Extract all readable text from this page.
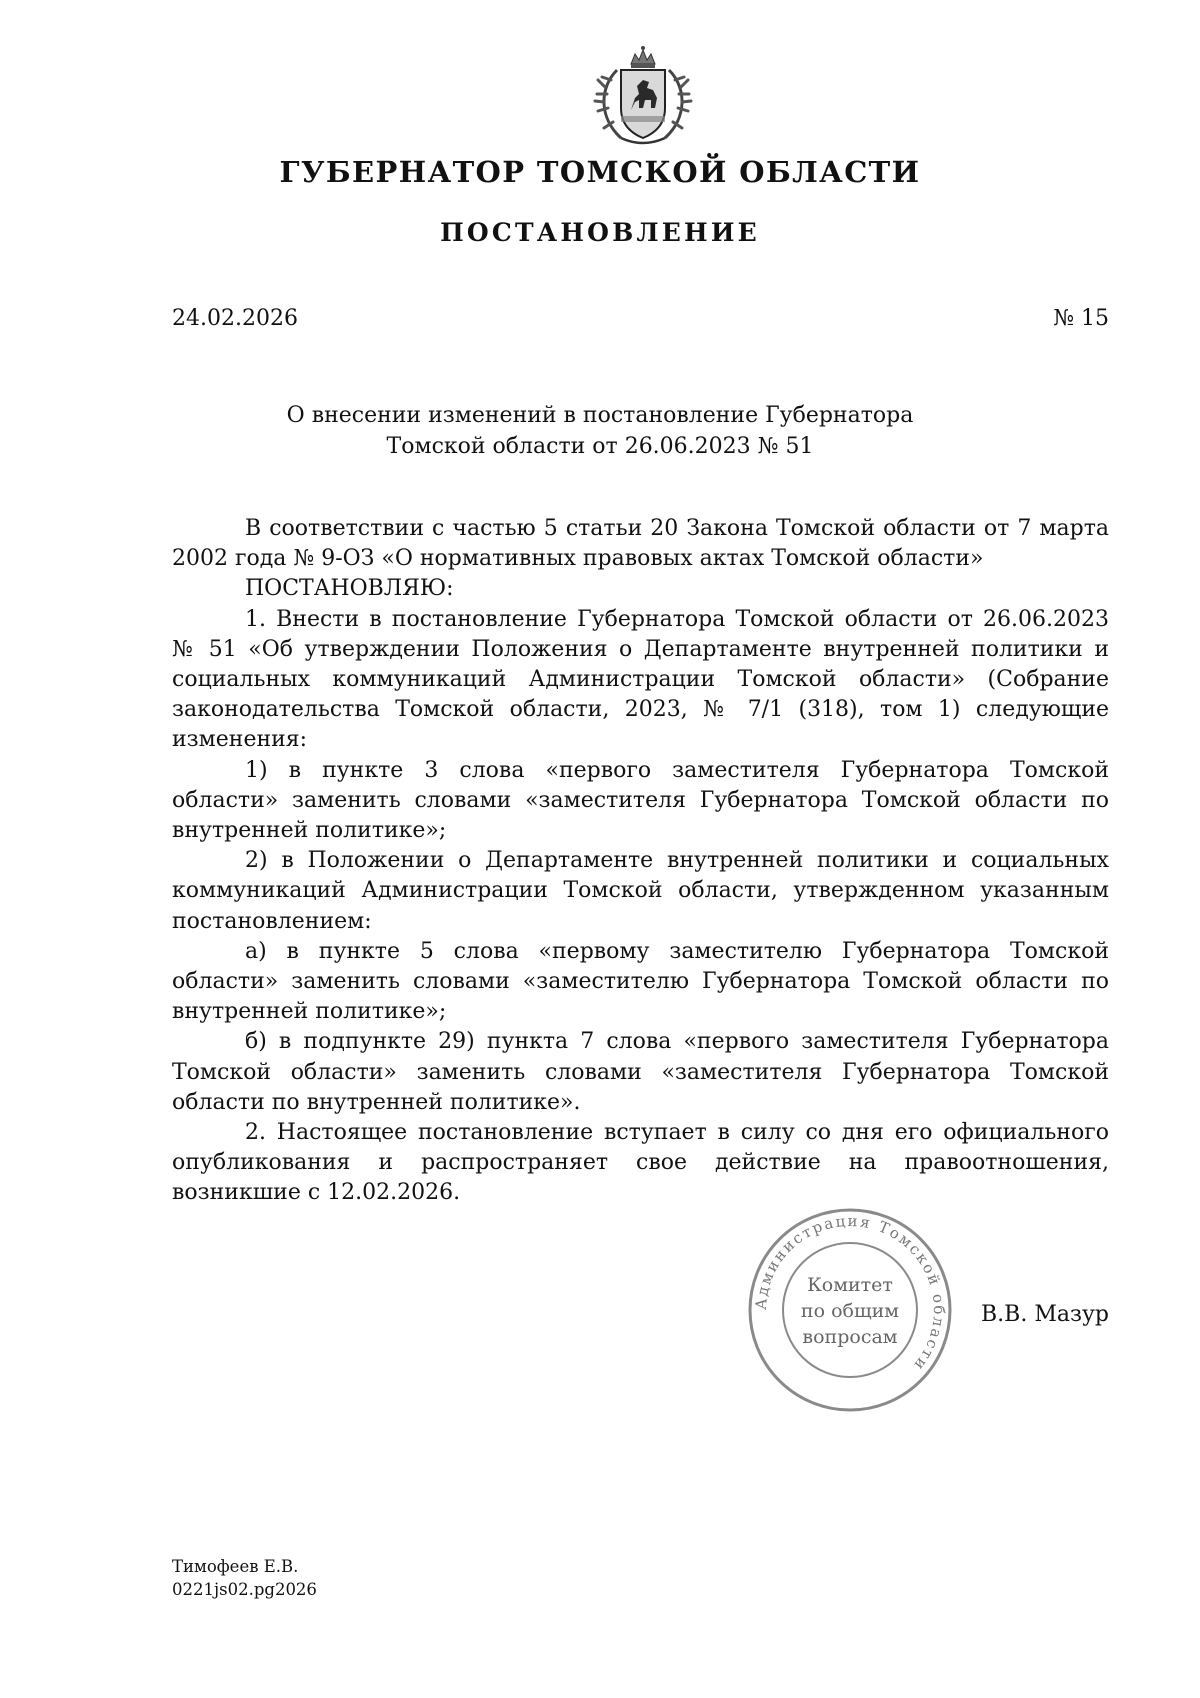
ГУБЕРНАТОР ТОМСКОЙ ОБЛАСТИ
ПОСТАНОВЛЕНИЕ
24.02.2026	№ 15
О внесении изменений в постановление Губернатора
Томской области от 26.06.2023 № 51

В соответствии с частью 5 статьи 20 Закона Томской области от 7 марта 2002 года № 9-ОЗ «О нормативных правовых актах Томской области»

ПОСТАНОВЛЯЮ:

1. Внести в постановление Губернатора Томской области от 26.06.2023 № 51 «Об утверждении Положения о Департаменте внутренней политики и социальных коммуникаций Администрации Томской области» (Собрание законодательства Томской области, 2023, № 7/1 (318), том 1) следующие изменения:

1) в пункте 3 слова «первого заместителя Губернатора Томской области» заменить словами «заместителя Губернатора Томской области по внутренней политике»;

2) в Положении о Департаменте внутренней политики и социальных коммуникаций Администрации Томской области, утвержденном указанным постановлением:

а) в пункте 5 слова «первому заместителю Губернатора Томской области» заменить словами «заместителю Губернатора Томской области по внутренней политике»;

б) в подпункте 29) пункта 7 слова «первого заместителя Губернатора Томской области» заменить словами «заместителя Губернатора Томской области по внутренней политике».

2. Настоящее постановление вступает в силу со дня его официального опубликования и распространяет свое действие на правоотношения, возникшие с 12.02.2026.

Администрация Томской области
Комитет
по общим
вопросам
В.В. Мазур
Тимофеев Е.В.
0221js02.pg2026
